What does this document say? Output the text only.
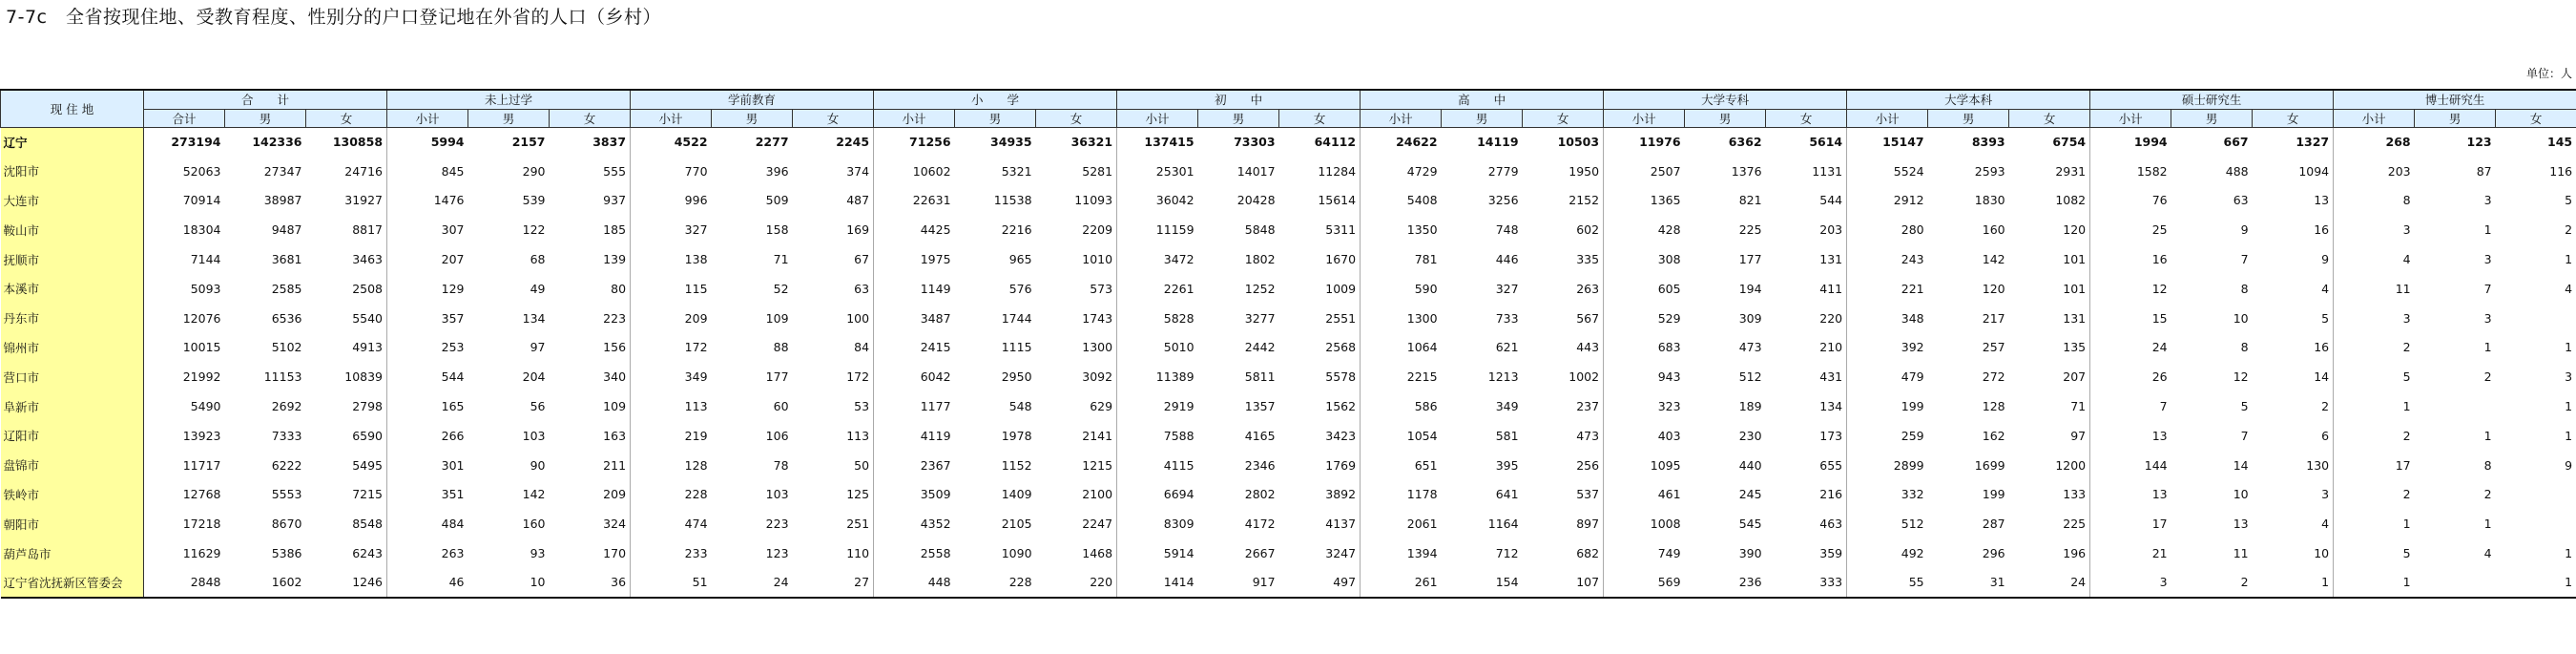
7-7c　全省按现住地、受教育程度、性别分的户口登记地在外省的人口（乡村）
单位：人
现 住 地	合　　计			未上过学			学前教育			小　　学			初　　中			高　　中			大学专科			大学本科			硕士研究生			博士研究生		
	合计	男	女	小计	男	女	小计	男	女	小计	男	女	小计	男	女	小计	男	女	小计	男	女	小计	男	女	小计	男	女	小计	男	女
辽宁	273194	142336	130858	5994	2157	3837	4522	2277	2245	71256	34935	36321	137415	73303	64112	24622	14119	10503	11976	6362	5614	15147	8393	6754	1994	667	1327	268	123	145
沈阳市	52063	27347	24716	845	290	555	770	396	374	10602	5321	5281	25301	14017	11284	4729	2779	1950	2507	1376	1131	5524	2593	2931	1582	488	1094	203	87	116
大连市	70914	38987	31927	1476	539	937	996	509	487	22631	11538	11093	36042	20428	15614	5408	3256	2152	1365	821	544	2912	1830	1082	76	63	13	8	3	5
鞍山市	18304	9487	8817	307	122	185	327	158	169	4425	2216	2209	11159	5848	5311	1350	748	602	428	225	203	280	160	120	25	9	16	3	1	2
抚顺市	7144	3681	3463	207	68	139	138	71	67	1975	965	1010	3472	1802	1670	781	446	335	308	177	131	243	142	101	16	7	9	4	3	1
本溪市	5093	2585	2508	129	49	80	115	52	63	1149	576	573	2261	1252	1009	590	327	263	605	194	411	221	120	101	12	8	4	11	7	4
丹东市	12076	6536	5540	357	134	223	209	109	100	3487	1744	1743	5828	3277	2551	1300	733	567	529	309	220	348	217	131	15	10	5	3	3	
锦州市	10015	5102	4913	253	97	156	172	88	84	2415	1115	1300	5010	2442	2568	1064	621	443	683	473	210	392	257	135	24	8	16	2	1	1
营口市	21992	11153	10839	544	204	340	349	177	172	6042	2950	3092	11389	5811	5578	2215	1213	1002	943	512	431	479	272	207	26	12	14	5	2	3
阜新市	5490	2692	2798	165	56	109	113	60	53	1177	548	629	2919	1357	1562	586	349	237	323	189	134	199	128	71	7	5	2	1		1
辽阳市	13923	7333	6590	266	103	163	219	106	113	4119	1978	2141	7588	4165	3423	1054	581	473	403	230	173	259	162	97	13	7	6	2	1	1
盘锦市	11717	6222	5495	301	90	211	128	78	50	2367	1152	1215	4115	2346	1769	651	395	256	1095	440	655	2899	1699	1200	144	14	130	17	8	9
铁岭市	12768	5553	7215	351	142	209	228	103	125	3509	1409	2100	6694	2802	3892	1178	641	537	461	245	216	332	199	133	13	10	3	2	2	
朝阳市	17218	8670	8548	484	160	324	474	223	251	4352	2105	2247	8309	4172	4137	2061	1164	897	1008	545	463	512	287	225	17	13	4	1	1	
葫芦岛市	11629	5386	6243	263	93	170	233	123	110	2558	1090	1468	5914	2667	3247	1394	712	682	749	390	359	492	296	196	21	11	10	5	4	1
辽宁省沈抚新区管委会	2848	1602	1246	46	10	36	51	24	27	448	228	220	1414	917	497	261	154	107	569	236	333	55	31	24	3	2	1	1		1
